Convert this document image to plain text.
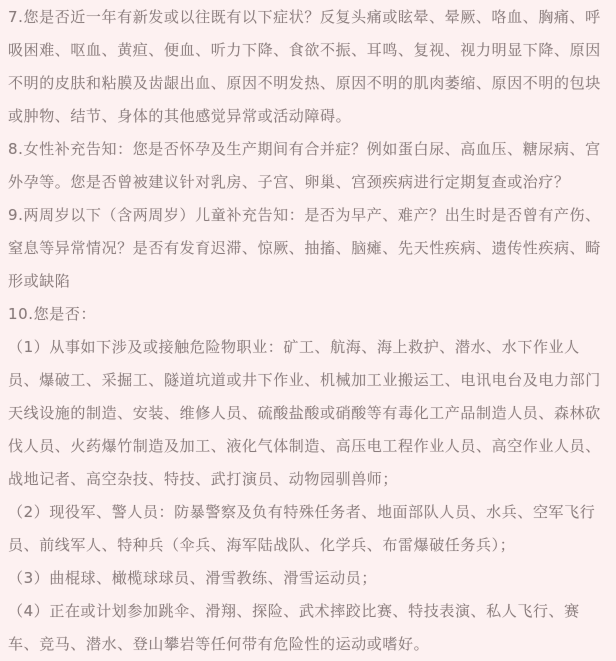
7.您是否近一年有新发或以往既有以下症状？反复头痛或眩晕、晕厥、咯血、胸痛、呼吸困难、呕血、黄疸、便血、听力下降、食欲不振、耳鸣、复视、视力明显下降、原因不明的皮肤和粘膜及齿龈出血、原因不明发热、原因不明的肌肉萎缩、原因不明的包块或肿物、结节、身体的其他感觉异常或活动障碍。

8.女性补充告知：您是否怀孕及生产期间有合并症？例如蛋白尿、高血压、糖尿病、宫外孕等。您是否曾被建议针对乳房、子宫、卵巢、宫颈疾病进行定期复查或治疗？

9.两周岁以下（含两周岁）儿童补充告知：是否为早产、难产？出生时是否曾有产伤、窒息等异常情况？是否有发育迟滞、惊厥、抽搐、脑瘫、先天性疾病、遗传性疾病、畸形或缺陷

10.您是否：

（1）从事如下涉及或接触危险物职业：矿工、航海、海上救护、潜水、水下作业人员、爆破工、采掘工、隧道坑道或井下作业、机械加工业搬运工、电讯电台及电力部门天线设施的制造、安装、维修人员、硫酸盐酸或硝酸等有毒化工产品制造人员、森林砍伐人员、火药爆竹制造及加工、液化气体制造、高压电工程作业人员、高空作业人员、战地记者、高空杂技、特技、武打演员、动物园驯兽师；

（2）现役军、警人员：防暴警察及负有特殊任务者、地面部队人员、水兵、空军飞行员、前线军人、特种兵（伞兵、海军陆战队、化学兵、布雷爆破任务兵）；

（3）曲棍球、橄榄球球员、滑雪教练、滑雪运动员；

（4）正在或计划参加跳伞、滑翔、探险、武术摔跤比赛、特技表演、私人飞行、赛车、竞马、潜水、登山攀岩等任何带有危险性的运动或嗜好。
